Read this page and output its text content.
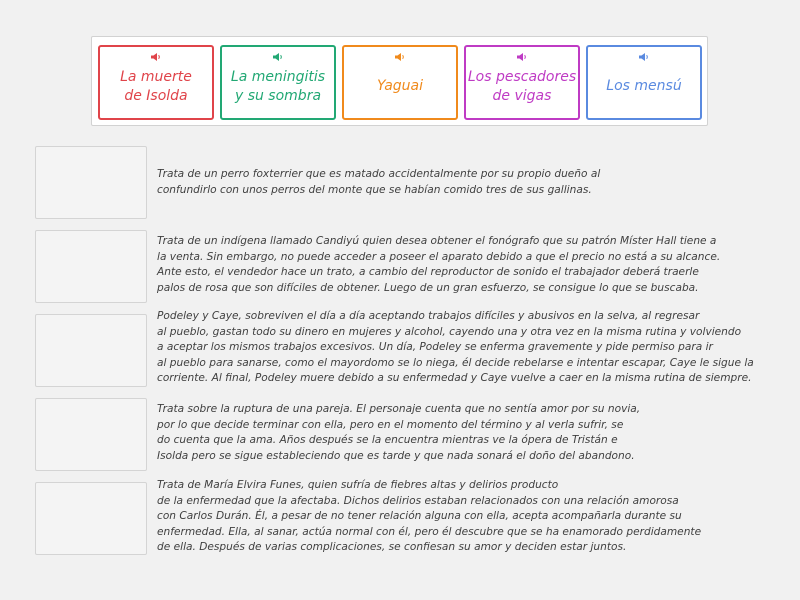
La muerte
de Isolda
La meningitis
y su sombra
Yaguai
Los pescadores
de vigas
Los mensú
Trata de un perro foxterrier que es matado accidentalmente por su propio dueño al
confundirlo con unos perros del monte que se habían comido tres de sus gallinas.
Trata de un indígena llamado Candiyú quien desea obtener el fonógrafo que su patrón Míster Hall tiene a
la venta. Sin embargo, no puede acceder a poseer el aparato debido a que el precio no está a su alcance.
Ante esto, el vendedor hace un trato, a cambio del reproductor de sonido el trabajador deberá traerle
palos de rosa que son difíciles de obtener. Luego de un gran esfuerzo, se consigue lo que se buscaba.
Podeley y Caye, sobreviven el día a día aceptando trabajos difíciles y abusivos en la selva, al regresar
al pueblo, gastan todo su dinero en mujeres y alcohol, cayendo una y otra vez en la misma rutina y volviendo
a aceptar los mismos trabajos excesivos. Un día, Podeley se enferma gravemente y pide permiso para ir
al pueblo para sanarse, como el mayordomo se lo niega, él decide rebelarse e intentar escapar, Caye le sigue la
corriente. Al final, Podeley muere debido a su enfermedad y Caye vuelve a caer en la misma rutina de siempre.
Trata sobre la ruptura de una pareja. El personaje cuenta que no sentía amor por su novia,
por lo que decide terminar con ella, pero en el momento del término y al verla sufrir, se
do cuenta que la ama. Años después se la encuentra mientras ve la ópera de Tristán e
Isolda pero se sigue estableciendo que es tarde y que nada sonará el doño del abandono.
Trata de María Elvira Funes, quien sufría de fiebres altas y delirios producto
de la enfermedad que la afectaba. Dichos delirios estaban relacionados con una relación amorosa
con Carlos Durán. Él, a pesar de no tener relación alguna con ella, acepta acompañarla durante su
enfermedad. Ella, al sanar, actúa normal con él, pero él descubre que se ha enamorado perdidamente
de ella. Después de varias complicaciones, se confiesan su amor y deciden estar juntos.
